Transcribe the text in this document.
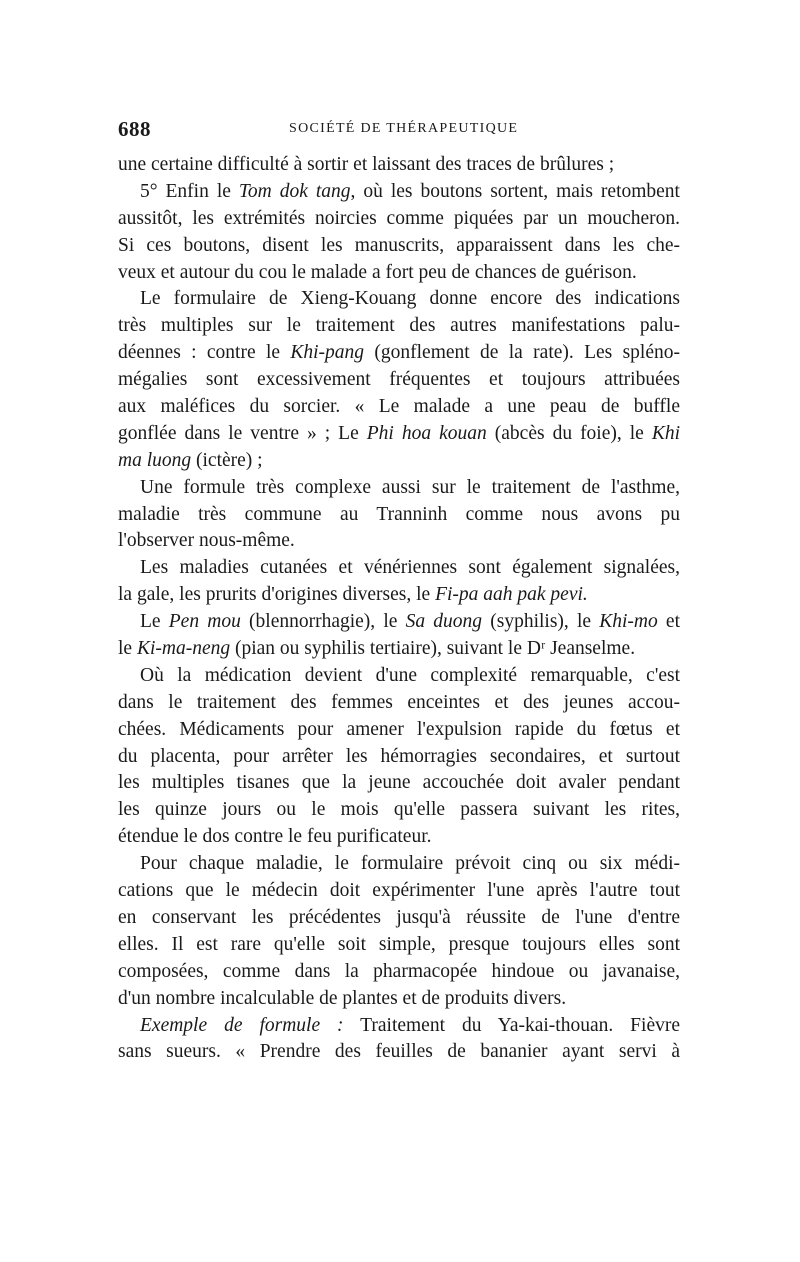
688	SOCIÉTÉ DE THÉRAPEUTIQUE
une certaine difficulté à sortir et laissant des traces de brûlures ;
5° Enfin le Tom dok tang, où les boutons sortent, mais retombent
aussitôt, les extrémités noircies comme piquées par un moucheron.
Si ces boutons, disent les manuscrits, apparaissent dans les che-
veux et autour du cou le malade a fort peu de chances de guérison.
Le formulaire de Xieng-Kouang donne encore des indications
très multiples sur le traitement des autres manifestations palu-
déennes : contre le Khi-pang (gonflement de la rate). Les spléno-
mégalies sont excessivement fréquentes et toujours attribuées
aux maléfices du sorcier. « Le malade a une peau de buffle
gonflée dans le ventre » ; Le Phi hoa kouan (abcès du foie), le Khi
ma luong (ictère) ;
Une formule très complexe aussi sur le traitement de l'asthme,
maladie très commune au Tranninh comme nous avons pu
l'observer nous-même.
Les maladies cutanées et vénériennes sont également signalées,
la gale, les prurits d'origines diverses, le Fi-pa aah pak pevi.
Le Pen mou (blennorrhagie), le Sa duong (syphilis), le Khi-mo et
le Ki-ma-neng (pian ou syphilis tertiaire), suivant le Dʳ Jeanselme.
Où la médication devient d'une complexité remarquable, c'est
dans le traitement des femmes enceintes et des jeunes accou-
chées. Médicaments pour amener l'expulsion rapide du fœtus et
du placenta, pour arrêter les hémorragies secondaires, et surtout
les multiples tisanes que la jeune accouchée doit avaler pendant
les quinze jours ou le mois qu'elle passera suivant les rites,
étendue le dos contre le feu purificateur.
Pour chaque maladie, le formulaire prévoit cinq ou six médi-
cations que le médecin doit expérimenter l'une après l'autre tout
en conservant les précédentes jusqu'à réussite de l'une d'entre
elles. Il est rare qu'elle soit simple, presque toujours elles sont
composées, comme dans la pharmacopée hindoue ou javanaise,
d'un nombre incalculable de plantes et de produits divers.
Exemple de formule : Traitement du Ya-kai-thouan. Fièvre
sans sueurs. « Prendre des feuilles de bananier ayant servi à
